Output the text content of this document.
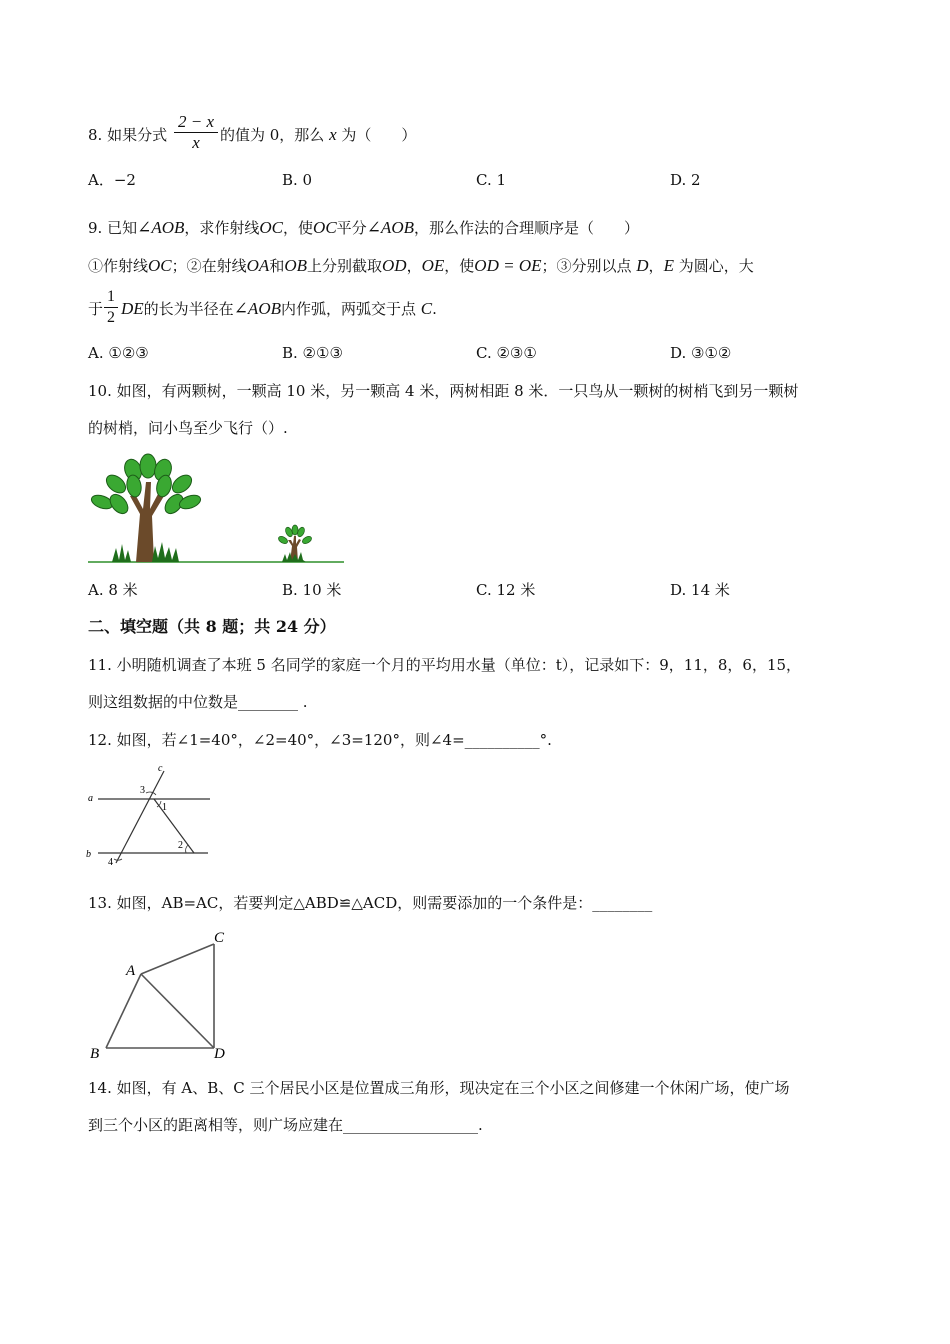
8. 如果分式 $\frac{2 - x}{x}$ 的值为 0，那么 x 为（　　）
A．−2	B. 0	C. 1	D. 2
9. 已知∠AOB，求作射线OC，使OC平分∠AOB，那么作法的合理顺序是（　　）
①作射线OC；②在射线OA和OB上分别截取OD，OE，使OD = OE；③分别以点 D，E 为圆心，大
于 $\frac{1}{2}$ DE的长为半径在∠AOB内作弧，两弧交于点 C.
A. ①②③	B. ②①③	C. ②③①	D. ③①②
10. 如图，有两颗树，一颗高 10 米，另一颗高 4 米，两树相距 8 米．一只鸟从一颗树的树梢飞到另一颗树
的树梢，问小鸟至少飞行（）.
A. 8 米	B. 10 米	C. 12 米	D. 14 米
二、填空题（共 8 题；共 24 分）
11. 小明随机调查了本班 5 名同学的家庭一个月的平均用水量（单位：t），记录如下：9，11，8，6，15，
则这组数据的中位数是________ .
12. 如图，若∠1=40°，∠2=40°，∠3=120°，则∠4=__________°.
a
b
c
1
2
3
4
13. 如图，AB=AC，若要判定△ABD≌△ACD，则需要添加的一个条件是：________
A
B
C
D
14. 如图，有 A、B、C 三个居民小区是位置成三角形，现决定在三个小区之间修建一个休闲广场，使广场
到三个小区的距离相等，则广场应建在__________________.
